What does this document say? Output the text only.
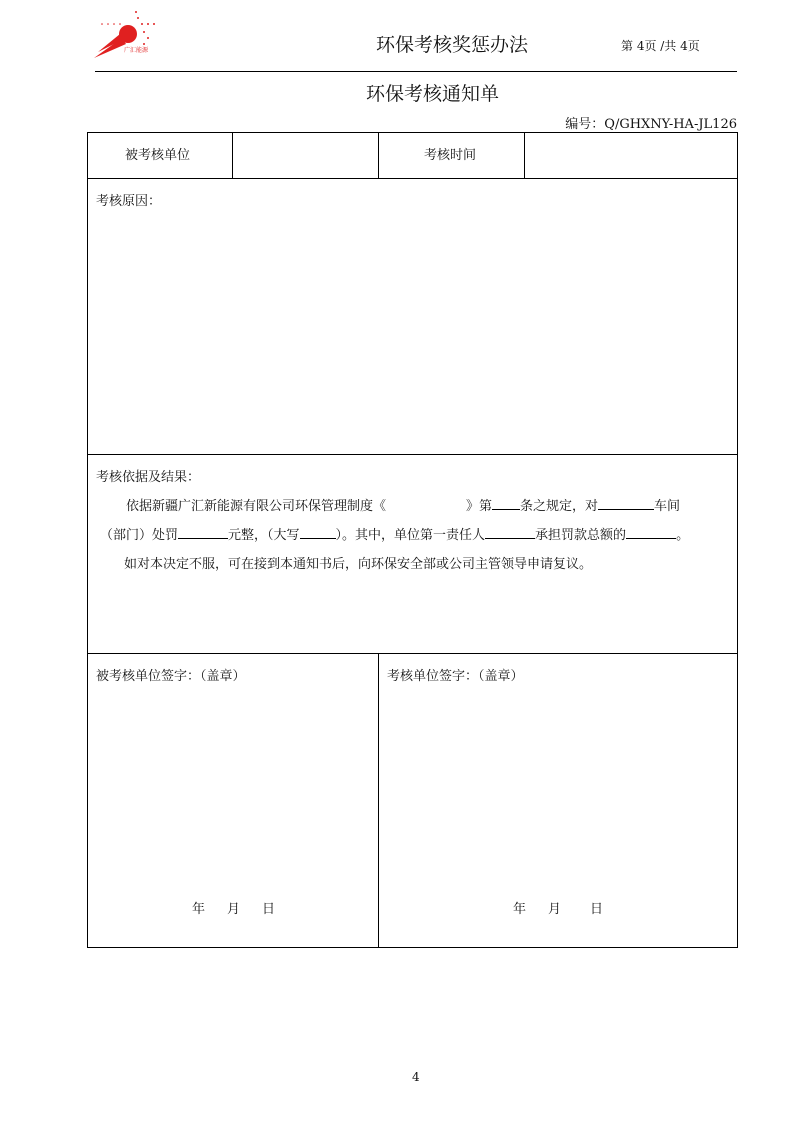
广汇能源	环保考核奖惩办法	第 4页 /共 4页
环保考核通知单
编号：Q/GHXNY-HA-JL126
被考核单位	考核时间
考核原因：
考核依据及结果：
依据新疆广汇新能源有限公司环保管理制度《	》第 条之规定，对	车间
（部门）处罚	元整，（大写	）。其中，单位第一责任人	承担罚款总额的	。
如对本决定不服，可在接到本通知书后，向环保安全部或公司主管领导申请复议。
被考核单位签字：（盖章）
年 月 日
考核单位签字：（盖章）
年 月 日
4
